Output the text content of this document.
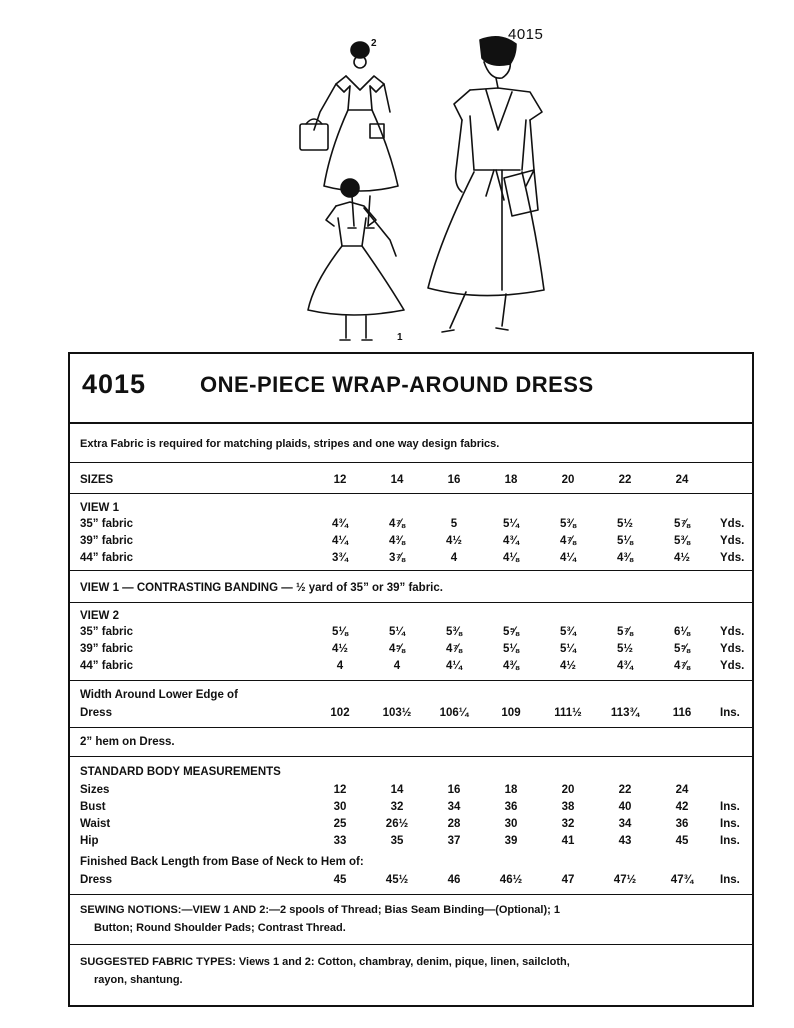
4015
2
1
4015 ONE-PIECE WRAP-AROUND DRESS
Extra Fabric is required for matching plaids, stripes and one way design fabrics.
SIZES	12	14	16	18	20	22	24
VIEW 1
35” fabric	4¾	4⅞	5	5¼	5⅜	5½	5⅞	Yds.
39” fabric	4¼	4⅜	4½	4¾	4⅞	5⅛	5⅜	Yds.
44” fabric	3¾	3⅞	4	4⅛	4¼	4⅜	4½	Yds.
VIEW 1 — CONTRASTING BANDING — ½ yard of 35” or 39” fabric.
VIEW 2
35” fabric	5⅛	5¼	5⅜	5⅝	5¾	5⅞	6⅛	Yds.
39” fabric	4½	4⅝	4⅞	5⅛	5¼	5½	5⅝	Yds.
44” fabric	4	4	4¼	4⅜	4½	4¾	4⅞	Yds.
Width Around Lower Edge of
Dress	102	103½	106¼	109	111½	113¾	116	Ins.
2” hem on Dress.
STANDARD BODY MEASUREMENTS
Sizes	12	14	16	18	20	22	24
Bust	30	32	34	36	38	40	42	Ins.
Waist	25	26½	28	30	32	34	36	Ins.
Hip	33	35	37	39	41	43	45	Ins.
Finished Back Length from Base of Neck to Hem of:
Dress	45	45½	46	46½	47	47½	47¾	Ins.
SEWING NOTIONS:—VIEW 1 AND 2:—2 spools of Thread; Bias Seam Binding—(Optional); 1
Button; Round Shoulder Pads; Contrast Thread.
SUGGESTED FABRIC TYPES: Views 1 and 2: Cotton, chambray, denim, pique, linen, sailcloth,
rayon, shantung.
